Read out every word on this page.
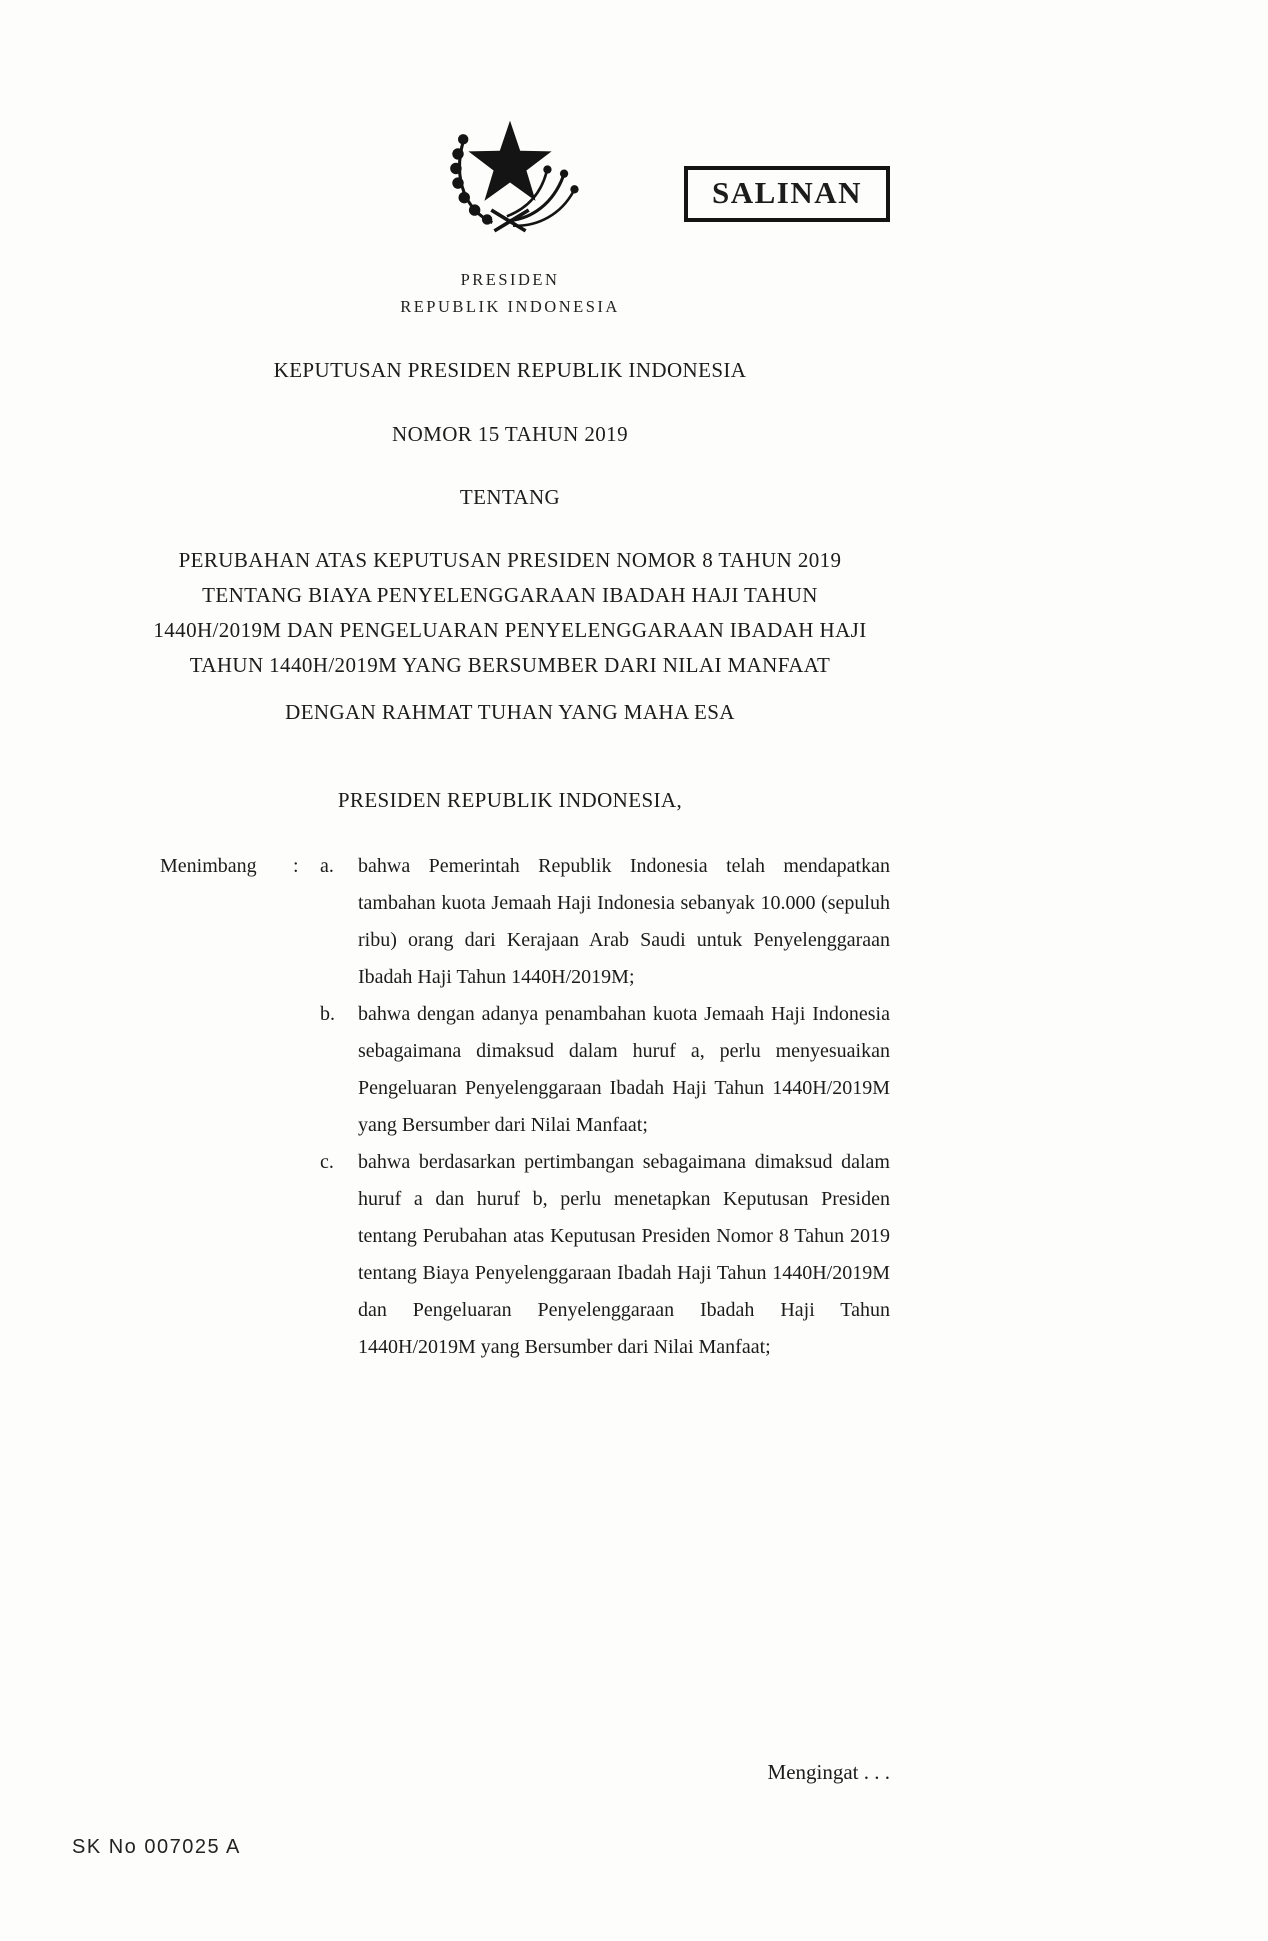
SALINAN
PRESIDEN
REPUBLIK INDONESIA
KEPUTUSAN PRESIDEN REPUBLIK INDONESIA
NOMOR 15 TAHUN 2019
TENTANG
PERUBAHAN ATAS KEPUTUSAN PRESIDEN NOMOR 8 TAHUN 2019 TENTANG BIAYA PENYELENGGARAAN IBADAH HAJI TAHUN 1440H/2019M DAN PENGELUARAN PENYELENGGARAAN IBADAH HAJI TAHUN 1440H/2019M YANG BERSUMBER DARI NILAI MANFAAT
DENGAN RAHMAT TUHAN YANG MAHA ESA
PRESIDEN REPUBLIK INDONESIA,
Menimbang	:	a.	bahwa Pemerintah Republik Indonesia telah mendapatkan tambahan kuota Jemaah Haji Indonesia sebanyak 10.000 (sepuluh ribu) orang dari Kerajaan Arab Saudi untuk Penyelenggaraan Ibadah Haji Tahun 1440H/2019M;
b.	bahwa dengan adanya penambahan kuota Jemaah Haji Indonesia sebagaimana dimaksud dalam huruf a, perlu menyesuaikan Pengeluaran Penyelenggaraan Ibadah Haji Tahun 1440H/2019M yang Bersumber dari Nilai Manfaat;
c.	bahwa berdasarkan pertimbangan sebagaimana dimaksud dalam huruf a dan huruf b, perlu menetapkan Keputusan Presiden tentang Perubahan atas Keputusan Presiden Nomor 8 Tahun 2019 tentang Biaya Penyelenggaraan Ibadah Haji Tahun 1440H/2019M dan Pengeluaran Penyelenggaraan Ibadah Haji Tahun 1440H/2019M yang Bersumber dari Nilai Manfaat;
Mengingat . . .
SK No 007025 A
